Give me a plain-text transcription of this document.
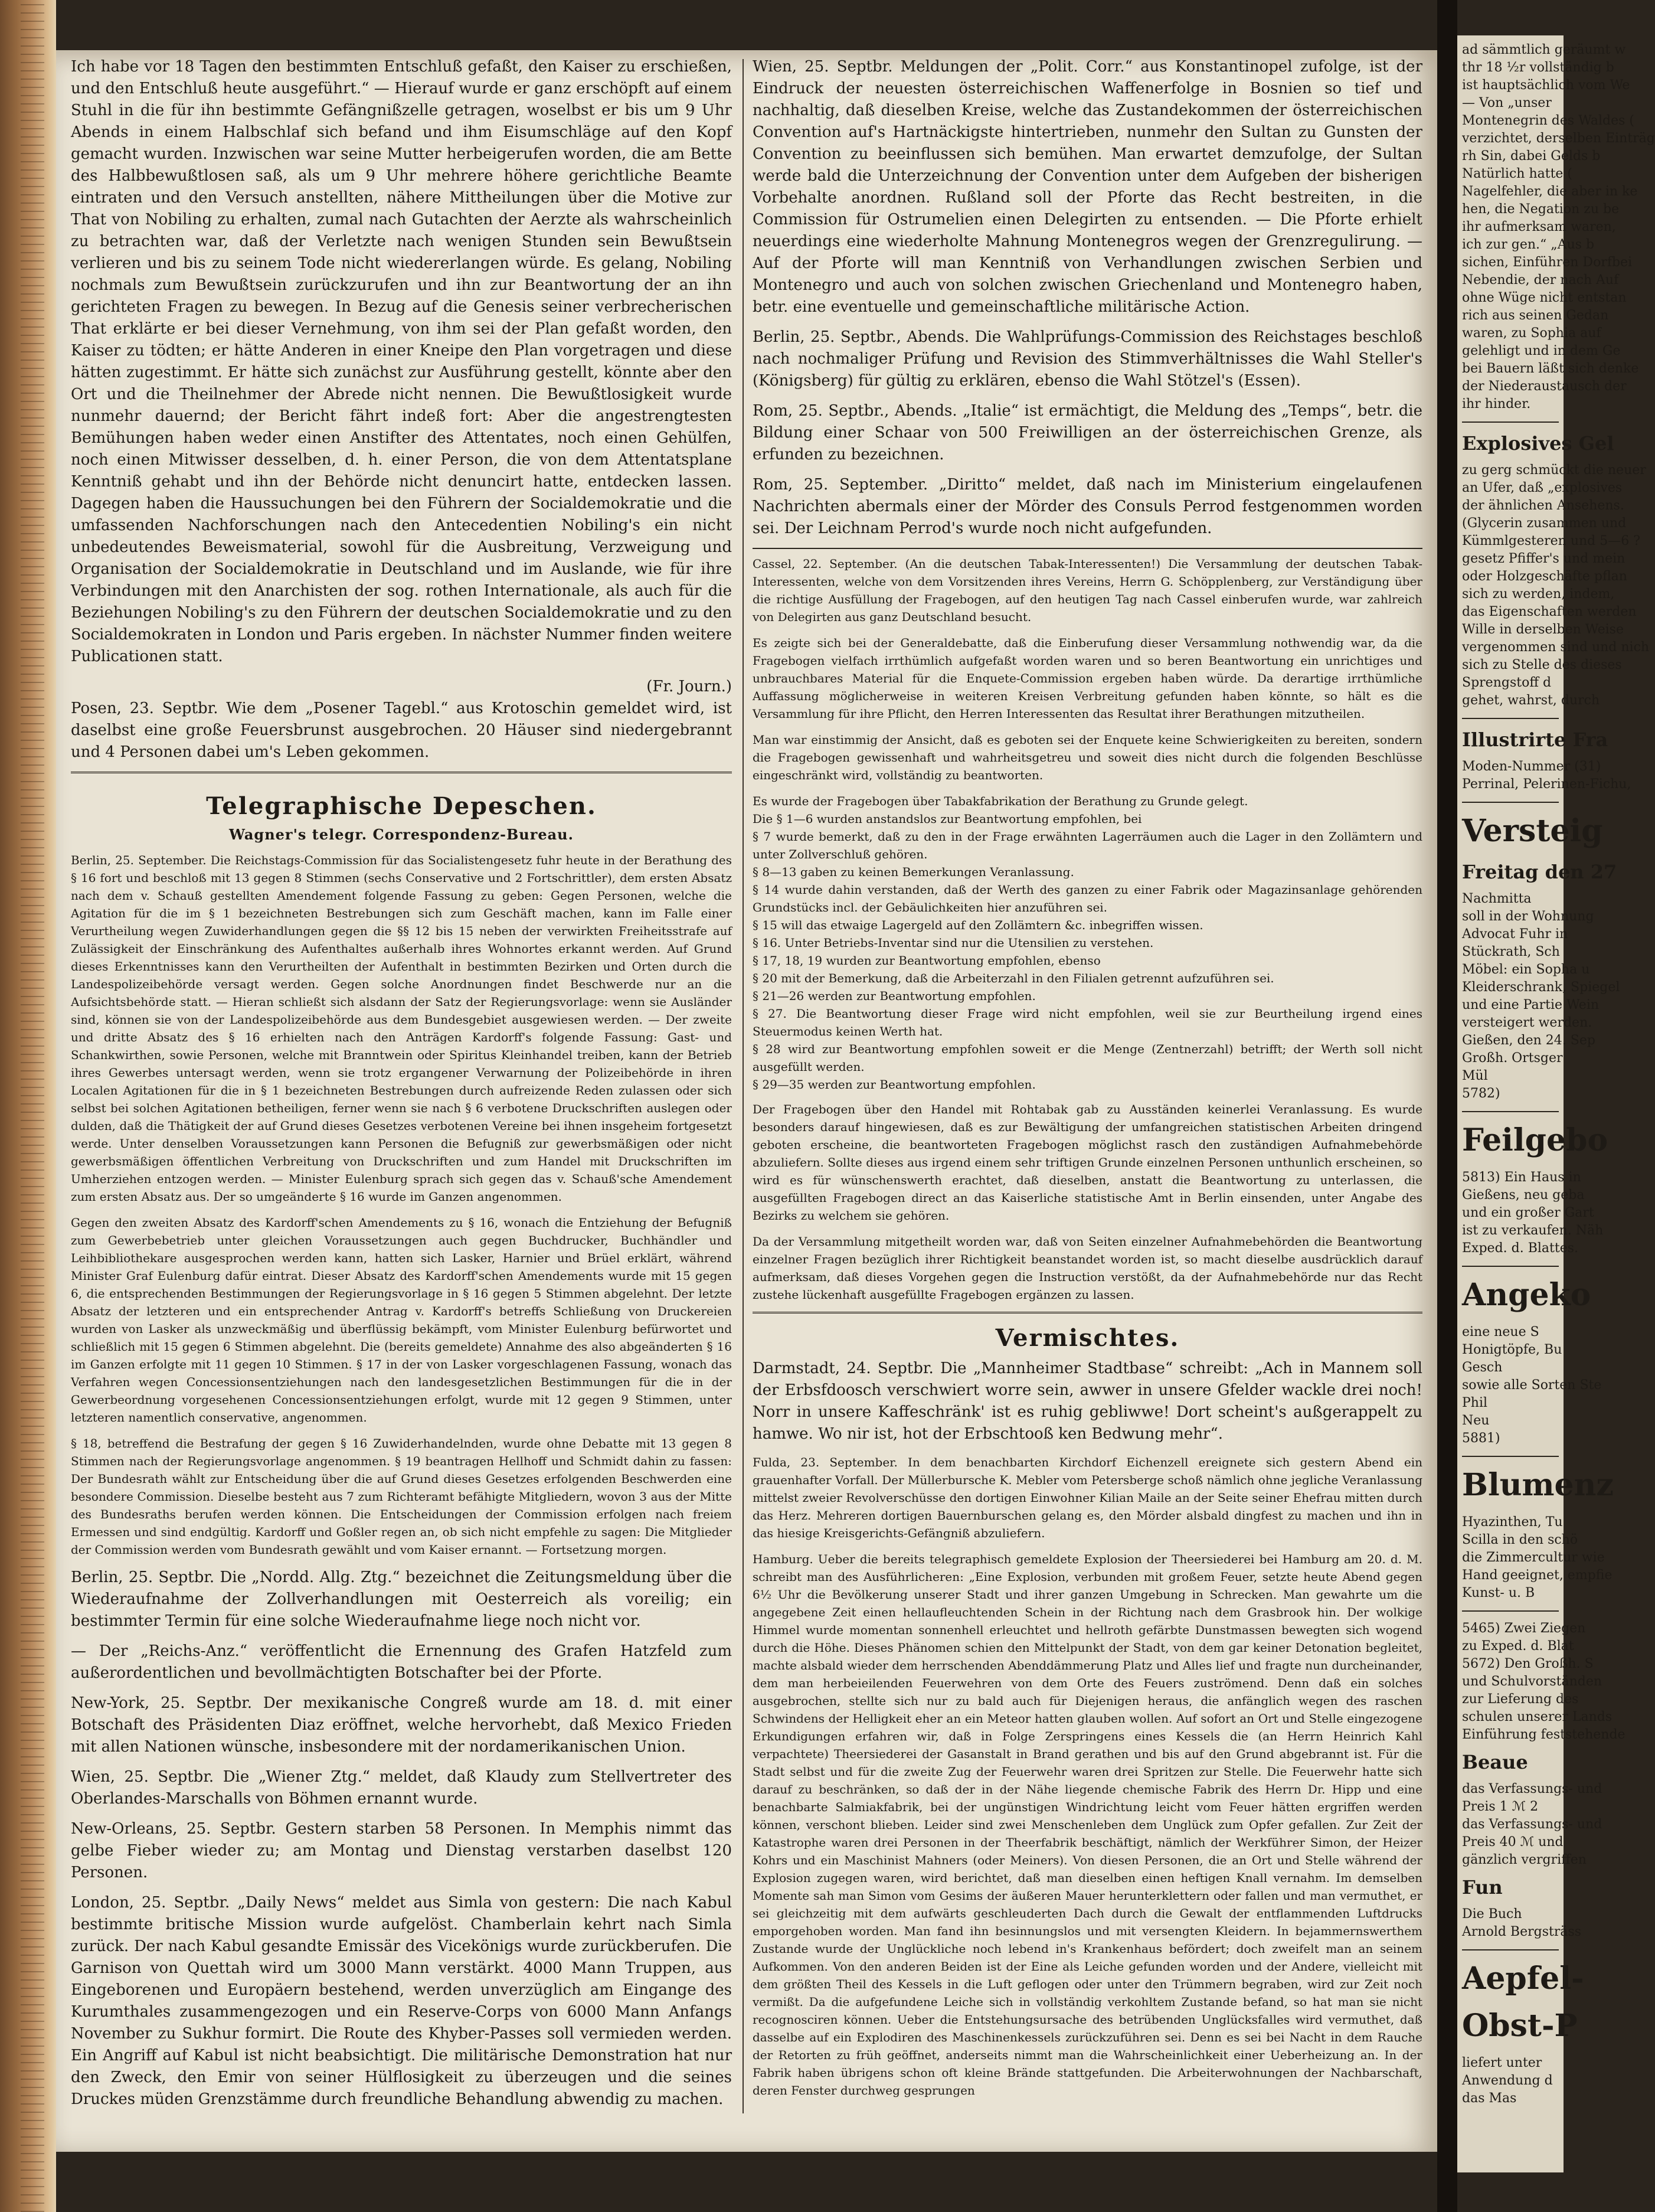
Ich habe vor 18 Tagen den bestimmten Entschluß gefaßt, den Kaiser zu erschießen, und den Entschluß heute ausgeführt.“ — Hierauf wurde er ganz erschöpft auf einem Stuhl in die für ihn bestimmte Gefängnißzelle getragen, woselbst er bis um 9 Uhr Abends in einem Halbschlaf sich befand und ihm Eisumschläge auf den Kopf gemacht wurden. Inzwischen war seine Mutter herbeigerufen worden, die am Bette des Halbbewußtlosen saß, als um 9 Uhr mehrere höhere gerichtliche Beamte eintraten und den Versuch anstellten, nähere Mittheilungen über die Motive zur That von Nobiling zu erhalten, zumal nach Gutachten der Aerzte als wahrscheinlich zu betrachten war, daß der Verletzte nach wenigen Stunden sein Bewußtsein verlieren und bis zu seinem Tode nicht wiedererlangen würde. Es gelang, Nobiling nochmals zum Bewußtsein zurückzurufen und ihn zur Beantwortung der an ihn gerichteten Fragen zu bewegen. In Bezug auf die Genesis seiner verbrecherischen That erklärte er bei dieser Vernehmung, von ihm sei der Plan gefaßt worden, den Kaiser zu tödten; er hätte Anderen in einer Kneipe den Plan vorgetragen und diese hätten zugestimmt. Er hätte sich zunächst zur Ausführung gestellt, könnte aber den Ort und die Theilnehmer der Abrede nicht nennen. Die Bewußtlosigkeit wurde nunmehr dauernd; der Bericht fährt indeß fort: Aber die angestrengtesten Bemühungen haben weder einen Anstifter des Attentates, noch einen Gehülfen, noch einen Mitwisser desselben, d. h. einer Person, die von dem Attentatsplane Kenntniß gehabt und ihn der Behörde nicht denuncirt hatte, entdecken lassen. Dagegen haben die Haussuchungen bei den Führern der Socialdemokratie und die umfassenden Nachforschungen nach den Antecedentien Nobiling's ein nicht unbedeutendes Beweismaterial, sowohl für die Ausbreitung, Verzweigung und Organisation der Socialdemokratie in Deutschland und im Auslande, wie für ihre Verbindungen mit den Anarchisten der sog. rothen Internationale, als auch für die Beziehungen Nobiling's zu den Führern der deutschen Socialdemokratie und zu den Socialdemokraten in London und Paris ergeben. In nächster Nummer finden weitere Publicationen statt.

(Fr. Journ.)

Posen, 23. Septbr. Wie dem „Posener Tagebl.“ aus Krotoschin gemeldet wird, ist daselbst eine große Feuersbrunst ausgebrochen. 20 Häuser sind niedergebrannt und 4 Personen dabei um's Leben gekommen.

Telegraphische Depeschen.
Wagner's telegr. Correspondenz-Bureau.

Berlin, 25. September. Die Reichstags-Commission für das Socialistengesetz fuhr heute in der Berathung des § 16 fort und beschloß mit 13 gegen 8 Stimmen (sechs Conservative und 2 Fortschrittler), dem ersten Absatz nach dem v. Schauß gestellten Amendement folgende Fassung zu geben: Gegen Personen, welche die Agitation für die im § 1 bezeichneten Bestrebungen sich zum Geschäft machen, kann im Falle einer Verurtheilung wegen Zuwiderhandlungen gegen die §§ 12 bis 15 neben der verwirkten Freiheitsstrafe auf Zulässigkeit der Einschränkung des Aufenthaltes außerhalb ihres Wohnortes erkannt werden. Auf Grund dieses Erkenntnisses kann den Verurtheilten der Aufenthalt in bestimmten Bezirken und Orten durch die Landespolizeibehörde versagt werden. Gegen solche Anordnungen findet Beschwerde nur an die Aufsichtsbehörde statt. — Hieran schließt sich alsdann der Satz der Regierungsvorlage: wenn sie Ausländer sind, können sie von der Landespolizeibehörde aus dem Bundesgebiet ausgewiesen werden. — Der zweite und dritte Absatz des § 16 erhielten nach den Anträgen Kardorff's folgende Fassung: Gast- und Schankwirthen, sowie Personen, welche mit Branntwein oder Spiritus Kleinhandel treiben, kann der Betrieb ihres Gewerbes untersagt werden, wenn sie trotz ergangener Verwarnung der Polizeibehörde in ihren Localen Agitationen für die in § 1 bezeichneten Bestrebungen durch aufreizende Reden zulassen oder sich selbst bei solchen Agitationen betheiligen, ferner wenn sie nach § 6 verbotene Druckschriften auslegen oder dulden, daß die Thätigkeit der auf Grund dieses Gesetzes verbotenen Vereine bei ihnen insgeheim fortgesetzt werde. Unter denselben Voraussetzungen kann Personen die Befugniß zur gewerbsmäßigen oder nicht gewerbsmäßigen öffentlichen Verbreitung von Druckschriften und zum Handel mit Druckschriften im Umherziehen entzogen werden. — Minister Eulenburg sprach sich gegen das v. Schauß'sche Amendement zum ersten Absatz aus. Der so umgeänderte § 16 wurde im Ganzen angenommen.

Gegen den zweiten Absatz des Kardorff'schen Amendements zu § 16, wonach die Entziehung der Befugniß zum Gewerbebetrieb unter gleichen Voraussetzungen auch gegen Buchdrucker, Buchhändler und Leihbibliothekare ausgesprochen werden kann, hatten sich Lasker, Harnier und Brüel erklärt, während Minister Graf Eulenburg dafür eintrat. Dieser Absatz des Kardorff'schen Amendements wurde mit 15 gegen 6, die entsprechenden Bestimmungen der Regierungsvorlage in § 16 gegen 5 Stimmen abgelehnt. Der letzte Absatz der letzteren und ein entsprechender Antrag v. Kardorff's betreffs Schließung von Druckereien wurden von Lasker als unzweckmäßig und überflüssig bekämpft, vom Minister Eulenburg befürwortet und schließlich mit 15 gegen 6 Stimmen abgelehnt. Die (bereits gemeldete) Annahme des also abgeänderten § 16 im Ganzen erfolgte mit 11 gegen 10 Stimmen. § 17 in der von Lasker vorgeschlagenen Fassung, wonach das Verfahren wegen Concessionsentziehungen nach den landesgesetzlichen Bestimmungen für die in der Gewerbeordnung vorgesehenen Concessionsentziehungen erfolgt, wurde mit 12 gegen 9 Stimmen, unter letzteren namentlich conservative, angenommen.

§ 18, betreffend die Bestrafung der gegen § 16 Zuwiderhandelnden, wurde ohne Debatte mit 13 gegen 8 Stimmen nach der Regierungsvorlage angenommen. § 19 beantragen Hellhoff und Schmidt dahin zu fassen: Der Bundesrath wählt zur Entscheidung über die auf Grund dieses Gesetzes erfolgenden Beschwerden eine besondere Commission. Dieselbe besteht aus 7 zum Richteramt befähigte Mitgliedern, wovon 3 aus der Mitte des Bundesraths berufen werden können. Die Entscheidungen der Commission erfolgen nach freiem Ermessen und sind endgültig. Kardorff und Goßler regen an, ob sich nicht empfehle zu sagen: Die Mitglieder der Commission werden vom Bundesrath gewählt und vom Kaiser ernannt. — Fortsetzung morgen.

Berlin, 25. Septbr. Die „Nordd. Allg. Ztg.“ bezeichnet die Zeitungsmeldung über die Wiederaufnahme der Zollverhandlungen mit Oesterreich als voreilig; ein bestimmter Termin für eine solche Wiederaufnahme liege noch nicht vor.

— Der „Reichs-Anz.“ veröffentlicht die Ernennung des Grafen Hatzfeld zum außerordentlichen und bevollmächtigten Botschafter bei der Pforte.

New-York, 25. Septbr. Der mexikanische Congreß wurde am 18. d. mit einer Botschaft des Präsidenten Diaz eröffnet, welche hervorhebt, daß Mexico Frieden mit allen Nationen wünsche, insbesondere mit der nordamerikanischen Union.

Wien, 25. Septbr. Die „Wiener Ztg.“ meldet, daß Klaudy zum Stellvertreter des Oberlandes-Marschalls von Böhmen ernannt wurde.

New-Orleans, 25. Septbr. Gestern starben 58 Personen. In Memphis nimmt das gelbe Fieber wieder zu; am Montag und Dienstag verstarben daselbst 120 Personen.

London, 25. Septbr. „Daily News“ meldet aus Simla von gestern: Die nach Kabul bestimmte britische Mission wurde aufgelöst. Chamberlain kehrt nach Simla zurück. Der nach Kabul gesandte Emissär des Vicekönigs wurde zurückberufen. Die Garnison von Quettah wird um 3000 Mann verstärkt. 4000 Mann Truppen, aus Eingeborenen und Europäern bestehend, werden unverzüglich am Eingange des Kurumthales zusammengezogen und ein Reserve-Corps von 6000 Mann Anfangs November zu Sukhur formirt. Die Route des Khyber-Passes soll vermieden werden. Ein Angriff auf Kabul ist nicht beabsichtigt. Die militärische Demonstration hat nur den Zweck, den Emir von seiner Hülflosigkeit zu überzeugen und die seines Druckes müden Grenzstämme durch freundliche Behandlung abwendig zu machen.

Wien, 25. Septbr. Meldungen der „Polit. Corr.“ aus Konstantinopel zufolge, ist der Eindruck der neuesten österreichischen Waffenerfolge in Bosnien so tief und nachhaltig, daß dieselben Kreise, welche das Zustandekommen der österreichischen Convention auf's Hartnäckigste hintertrieben, nunmehr den Sultan zu Gunsten der Convention zu beeinflussen sich bemühen. Man erwartet demzufolge, der Sultan werde bald die Unterzeichnung der Convention unter dem Aufgeben der bisherigen Vorbehalte anordnen. Rußland soll der Pforte das Recht bestreiten, in die Commission für Ostrumelien einen Delegirten zu entsenden. — Die Pforte erhielt neuerdings eine wiederholte Mahnung Montenegros wegen der Grenzregulirung. — Auf der Pforte will man Kenntniß von Verhandlungen zwischen Serbien und Montenegro und auch von solchen zwischen Griechenland und Montenegro haben, betr. eine eventuelle und gemeinschaftliche militärische Action.

Berlin, 25. Septbr., Abends. Die Wahlprüfungs-Commission des Reichstages beschloß nach nochmaliger Prüfung und Revision des Stimmverhältnisses die Wahl Steller's (Königsberg) für gültig zu erklären, ebenso die Wahl Stötzel's (Essen).

Rom, 25. Septbr., Abends. „Italie“ ist ermächtigt, die Meldung des „Temps“, betr. die Bildung einer Schaar von 500 Freiwilligen an der österreichischen Grenze, als erfunden zu bezeichnen.

Rom, 25. September. „Diritto“ meldet, daß nach im Ministerium eingelaufenen Nachrichten abermals einer der Mörder des Consuls Perrod festgenommen worden sei. Der Leichnam Perrod's wurde noch nicht aufgefunden.

Cassel, 22. September. (An die deutschen Tabak-Interessenten!) Die Versammlung der deutschen Tabak-Interessenten, welche von dem Vorsitzenden ihres Vereins, Herrn G. Schöpplenberg, zur Verständigung über die richtige Ausfüllung der Fragebogen, auf den heutigen Tag nach Cassel einberufen wurde, war zahlreich von Delegirten aus ganz Deutschland besucht.

Es zeigte sich bei der Generaldebatte, daß die Einberufung dieser Versammlung nothwendig war, da die Fragebogen vielfach irrthümlich aufgefaßt worden waren und so beren Beantwortung ein unrichtiges und unbrauchbares Material für die Enquete-Commission ergeben haben würde. Da derartige irrthümliche Auffassung möglicherweise in weiteren Kreisen Verbreitung gefunden haben könnte, so hält es die Versammlung für ihre Pflicht, den Herren Interessenten das Resultat ihrer Berathungen mitzutheilen.

Man war einstimmig der Ansicht, daß es geboten sei der Enquete keine Schwierigkeiten zu bereiten, sondern die Fragebogen gewissenhaft und wahrheitsgetreu und soweit dies nicht durch die folgenden Beschlüsse eingeschränkt wird, vollständig zu beantworten.

Es wurde der Fragebogen über Tabakfabrikation der Berathung zu Grunde gelegt.

Die § 1—6 wurden anstandslos zur Beantwortung empfohlen, bei

§ 7 wurde bemerkt, daß zu den in der Frage erwähnten Lagerräumen auch die Lager in den Zollämtern und unter Zollverschluß gehören.

§ 8—13 gaben zu keinen Bemerkungen Veranlassung.

§ 14 wurde dahin verstanden, daß der Werth des ganzen zu einer Fabrik oder Magazinsanlage gehörenden Grundstücks incl. der Gebäulichkeiten hier anzuführen sei.

§ 15 will das etwaige Lagergeld auf den Zollämtern &c. inbegriffen wissen.

§ 16. Unter Betriebs-Inventar sind nur die Utensilien zu verstehen.

§ 17, 18, 19 wurden zur Beantwortung empfohlen, ebenso

§ 20 mit der Bemerkung, daß die Arbeiterzahl in den Filialen getrennt aufzuführen sei.

§ 21—26 werden zur Beantwortung empfohlen.

§ 27. Die Beantwortung dieser Frage wird nicht empfohlen, weil sie zur Beurtheilung irgend eines Steuermodus keinen Werth hat.

§ 28 wird zur Beantwortung empfohlen soweit er die Menge (Zentnerzahl) betrifft; der Werth soll nicht ausgefüllt werden.

§ 29—35 werden zur Beantwortung empfohlen.

Der Fragebogen über den Handel mit Rohtabak gab zu Ausständen keinerlei Veranlassung. Es wurde besonders darauf hingewiesen, daß es zur Bewältigung der umfangreichen statistischen Arbeiten dringend geboten erscheine, die beantworteten Fragebogen möglichst rasch den zuständigen Aufnahmebehörde abzuliefern. Sollte dieses aus irgend einem sehr triftigen Grunde einzelnen Personen unthunlich erscheinen, so wird es für wünschenswerth erachtet, daß dieselben, anstatt die Beantwortung zu unterlassen, die ausgefüllten Fragebogen direct an das Kaiserliche statistische Amt in Berlin einsenden, unter Angabe des Bezirks zu welchem sie gehören.

Da der Versammlung mitgetheilt worden war, daß von Seiten einzelner Aufnahmebehörden die Beantwortung einzelner Fragen bezüglich ihrer Richtigkeit beanstandet worden ist, so macht dieselbe ausdrücklich darauf aufmerksam, daß dieses Vorgehen gegen die Instruction verstößt, da der Aufnahmebehörde nur das Recht zustehe lückenhaft ausgefüllte Fragebogen ergänzen zu lassen.

Vermischtes.

Darmstadt, 24. Septbr. Die „Mannheimer Stadtbase“ schreibt: „Ach in Mannem soll der Erbsfdoosch verschwiert worre sein, awwer in unsere Gfelder wackle drei noch! Norr in unsere Kaffeschränk' ist es ruhig gebliwwe! Dort scheint's außgerappelt zu hamwe. Wo nir ist, hot der Erbschtooß ken Bedwung mehr“.

Fulda, 23. September. In dem benachbarten Kirchdorf Eichenzell ereignete sich gestern Abend ein grauenhafter Vorfall. Der Müllerbursche K. Mebler vom Petersberge schoß nämlich ohne jegliche Veranlassung mittelst zweier Revolverschüsse den dortigen Einwohner Kilian Maile an der Seite seiner Ehefrau mitten durch das Herz. Mehreren dortigen Bauernburschen gelang es, den Mörder alsbald dingfest zu machen und ihn in das hiesige Kreisgerichts-Gefängniß abzuliefern.

Hamburg. Ueber die bereits telegraphisch gemeldete Explosion der Theersiederei bei Hamburg am 20. d. M. schreibt man des Ausführlicheren: „Eine Explosion, verbunden mit großem Feuer, setzte heute Abend gegen 6½ Uhr die Bevölkerung unserer Stadt und ihrer ganzen Umgebung in Schrecken. Man gewahrte um die angegebene Zeit einen hellaufleuchtenden Schein in der Richtung nach dem Grasbrook hin. Der wolkige Himmel wurde momentan sonnenhell erleuchtet und hellroth gefärbte Dunstmassen bewegten sich wogend durch die Höhe. Dieses Phänomen schien den Mittelpunkt der Stadt, von dem gar keiner Detonation begleitet, machte alsbald wieder dem herrschenden Abenddämmerung Platz und Alles lief und fragte nun durcheinander, dem man herbeieilenden Feuerwehren von dem Orte des Feuers zuströmend. Denn daß ein solches ausgebrochen, stellte sich nur zu bald auch für Diejenigen heraus, die anfänglich wegen des raschen Schwindens der Helligkeit eher an ein Meteor hatten glauben wollen. Auf sofort an Ort und Stelle eingezogene Erkundigungen erfahren wir, daß in Folge Zerspringens eines Kessels die (an Herrn Heinrich Kahl verpachtete) Theersiederei der Gasanstalt in Brand gerathen und bis auf den Grund abgebrannt ist. Für die Stadt selbst und für die zweite Zug der Feuerwehr waren drei Spritzen zur Stelle. Die Feuerwehr hatte sich darauf zu beschränken, so daß der in der Nähe liegende chemische Fabrik des Herrn Dr. Hipp und eine benachbarte Salmiakfabrik, bei der ungünstigen Windrichtung leicht vom Feuer hätten ergriffen werden können, verschont blieben. Leider sind zwei Menschenleben dem Unglück zum Opfer gefallen. Zur Zeit der Katastrophe waren drei Personen in der Theerfabrik beschäftigt, nämlich der Werkführer Simon, der Heizer Kohrs und ein Maschinist Mahners (oder Meiners). Von diesen Personen, die an Ort und Stelle während der Explosion zugegen waren, wird berichtet, daß man dieselben einen heftigen Knall vernahm. Im demselben Momente sah man Simon vom Gesims der äußeren Mauer herunterklettern oder fallen und man vermuthet, er sei gleichzeitig mit dem aufwärts geschleuderten Dach durch die Gewalt der entflammenden Luftdrucks emporgehoben worden. Man fand ihn besinnungslos und mit versengten Kleidern. In bejammernswerthem Zustande wurde der Unglückliche noch lebend in's Krankenhaus befördert; doch zweifelt man an seinem Aufkommen. Von den anderen Beiden ist der Eine als Leiche gefunden worden und der Andere, vielleicht mit dem größten Theil des Kessels in die Luft geflogen oder unter den Trümmern begraben, wird zur Zeit noch vermißt. Da die aufgefundene Leiche sich in vollständig verkohltem Zustande befand, so hat man sie nicht recognosciren können. Ueber die Entstehungsursache des betrübenden Unglücksfalles wird vermuthet, daß dasselbe auf ein Explodiren des Maschinenkessels zurückzuführen sei. Denn es sei bei Nacht in dem Rauche der Retorten zu früh geöffnet, anderseits nimmt man die Wahrscheinlichkeit einer Ueberheizung an. In der Fabrik haben übrigens schon oft kleine Brände stattgefunden. Die Arbeiterwohnungen der Nachbarschaft, deren Fenster durchweg gesprungen

ad sämmtlich geräumt w

thr 18 ½r vollständig b

ist hauptsächlich vom We

— Von „unser

Montenegrin des Waldes (

verzichtet, derselben Einträg

rh Sin, dabei Gelds b

Natürlich hatte (

Nagelfehler, die aber in ke

hen, die Negation zu be

ihr aufmerksam waren,

ich zur gen.“ „Aus b

sichen, Einführen Dorfbei

Nebendie, der nach Auf

ohne Wüge nicht entstan

rich aus seinen Gedan

waren, zu Sophia auf

gelehligt und in dem Ge

bei Bauern läßt sich denke

der Niederaustausch der

ihr hinder.

Explosives Gel

zu gerg schmückt die neuer

an Ufer, daß „explosives

der ähnlichen Ansehens.

(Glycerin zusammen und

Kümmlgesteren und 5—6 ?

gesetz Pfiffer's und mein

oder Holzgeschäfte pflan

sich zu werden, indem,

das Eigenschaften werden

Wille in derselben Weise

vergenommen sind und nich

sich zu Stelle des dieses

Sprengstoff d

gehet, wahrst, durch

Illustrirte Fra

Moden-Nummer (31)

Perrinal, Pelerinen-Fichu,

Versteig
Freitag den 27

Nachmitta

soll in der Wohnung

Advocat Fuhr in

Stückrath, Sch

Möbel: ein Sopha u

Kleiderschrank, Spiegel

und eine Partie Wein

versteigert werden.

Gießen, den 24. Sep

Großh. Ortsger

Mül

5782)

Feilgebo

5813) Ein Haus in

Gießens, neu geba

und ein großer Gart

ist zu verkaufen. Näh

Exped. d. Blattes.

Angeko

eine neue S

Honigtöpfe, Bu

Gesch

sowie alle Sorten Ste

Phil

Neu

5881)

Blumenz

Hyazinthen, Tu

Scilla in den schö

die Zimmercultur wie

Hand geeignet, empfie

Kunst- u. B

5465) Zwei Ziegen

zu Exped. d. Blat

5672) Den Großh. S

und Schulvorständen

zur Lieferung des

schulen unserer Lands

Einführung feststehende

Beaue

das Verfassungs- und

Preis 1 ℳ 2

das Verfassungs- und

Preis 40 ℳ und

gänzlich vergriffen

Fun

Die Buch

Arnold Bergsträss

Aepfel-
Obst-P

liefert unter

Anwendung d

das Mas
